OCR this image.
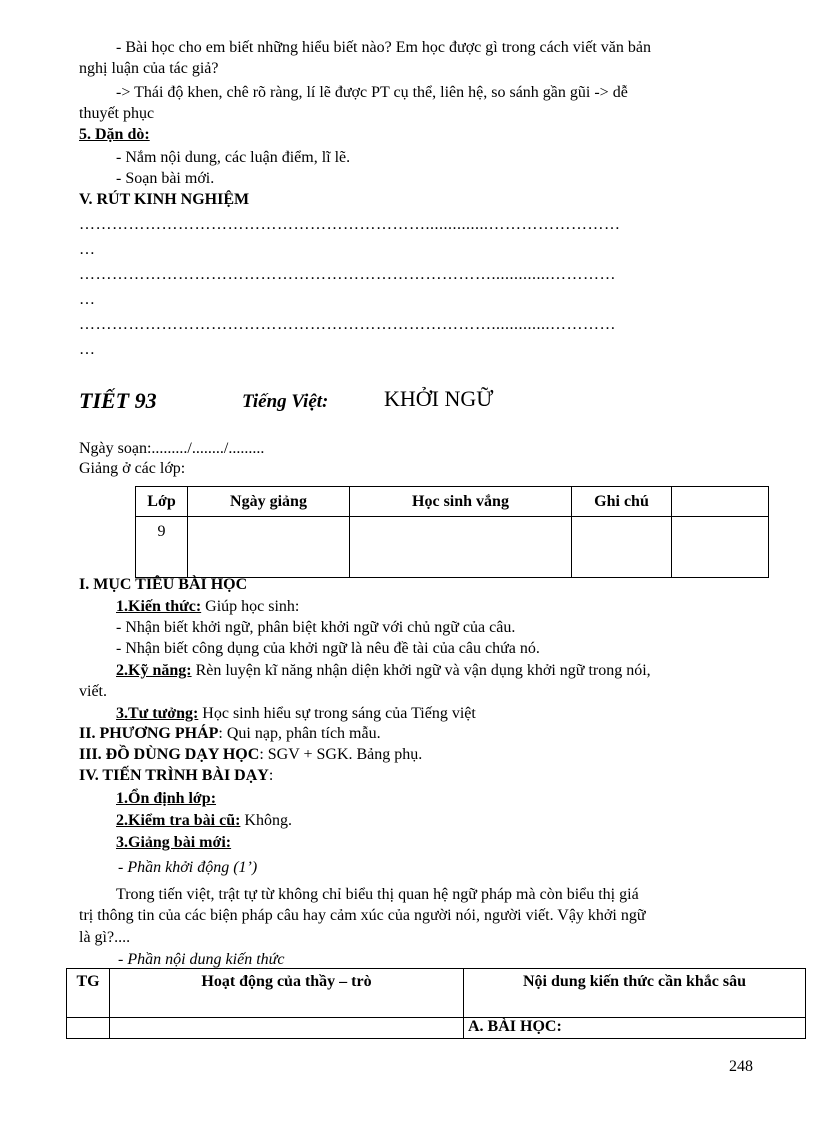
- Bài học cho em biết những hiểu biết nào? Em học được gì trong cách viết văn bản
nghị luận của tác giả?
-> Thái độ khen, chê rõ ràng, lí lẽ được PT cụ thể, liên hệ, so sánh gần gũi -> dễ
thuyết phục
5. Dặn dò:
- Nắm nội dung, các luận điểm, lĩ lẽ.
- Soạn bài mới.
V. RÚT KINH NGHIỆM
………………………………………………………..............……………………
…
………………………………………………………………….............…………
…
………………………………………………………………….............…………
…
TIẾT 93	Tiếng Việt:	KHỞI NGỮ
Ngày soạn:........./......../.........
Giảng ở các lớp:
Lớp	Ngày giảng	Học sinh vắng	Ghi chú	
9				
I. MỤC TIÊU BÀI HỌC
1.Kiến thức: Giúp học sinh:
- Nhận biết khởi ngữ, phân biệt khởi ngữ với chủ ngữ của câu.
- Nhận biết công dụng của khởi ngữ là nêu đề tài của câu chứa nó.
2.Kỹ năng: Rèn luyện kĩ năng nhận diện khởi ngữ và vận dụng khởi ngữ trong nói,
viết.
3.Tư tưởng: Học sinh hiểu sự trong sáng của Tiếng việt
II. PHƯƠNG PHÁP: Qui nạp, phân tích mẫu.
III. ĐỒ DÙNG DẠY HỌC: SGV + SGK. Bảng phụ.
IV. TIẾN TRÌNH BÀI DẠY:
1.Ổn định lớp:
2.Kiểm tra bài cũ: Không.
3.Giảng bài mới:
- Phần khởi động (1’)
Trong tiến việt, trật tự từ không chỉ biểu thị quan hệ ngữ pháp mà còn biểu thị giá
trị thông tin của các biện pháp câu hay cảm xúc của người nói, người viết. Vậy khởi ngữ
là gì?....
- Phần nội dung kiến thức
TG	Hoạt động của thầy – trò	Nội dung kiến thức cần khắc sâu
		A. BÀI HỌC:
248
